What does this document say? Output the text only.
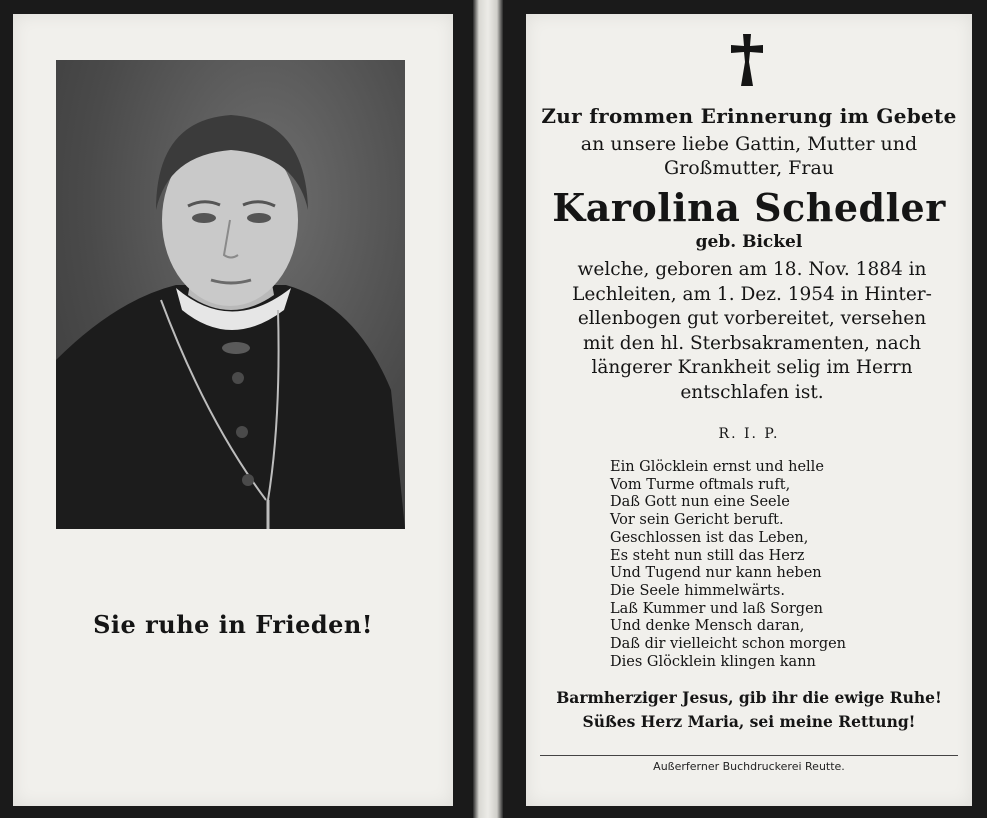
Sie ruhe in Frieden!
Zur frommen Erinnerung im Gebete
an unsere liebe Gattin, Mutter und
Großmutter, Frau
Karolina Schedler
geb. Bickel
welche, geboren am 18. Nov. 1884 in
Lechleiten, am 1. Dez. 1954 in Hinter-
ellenbogen gut vorbereitet, versehen
mit den hl. Sterbsakramenten, nach
längerer Krankheit selig im Herrn
entschlafen ist.
R. I. P.
Ein Glöcklein ernst und helle
Vom Turme oftmals ruft,
Daß Gott nun eine Seele
Vor sein Gericht beruft.
Geschlossen ist das Leben,
Es steht nun still das Herz
Und Tugend nur kann heben
Die Seele himmelwärts.
Laß Kummer und laß Sorgen
Und denke Mensch daran,
Daß dir vielleicht schon morgen
Dies Glöcklein klingen kann
Barmherziger Jesus, gib ihr die ewige Ruhe!
Süßes Herz Maria, sei meine Rettung!
Außerferner Buchdruckerei Reutte.
